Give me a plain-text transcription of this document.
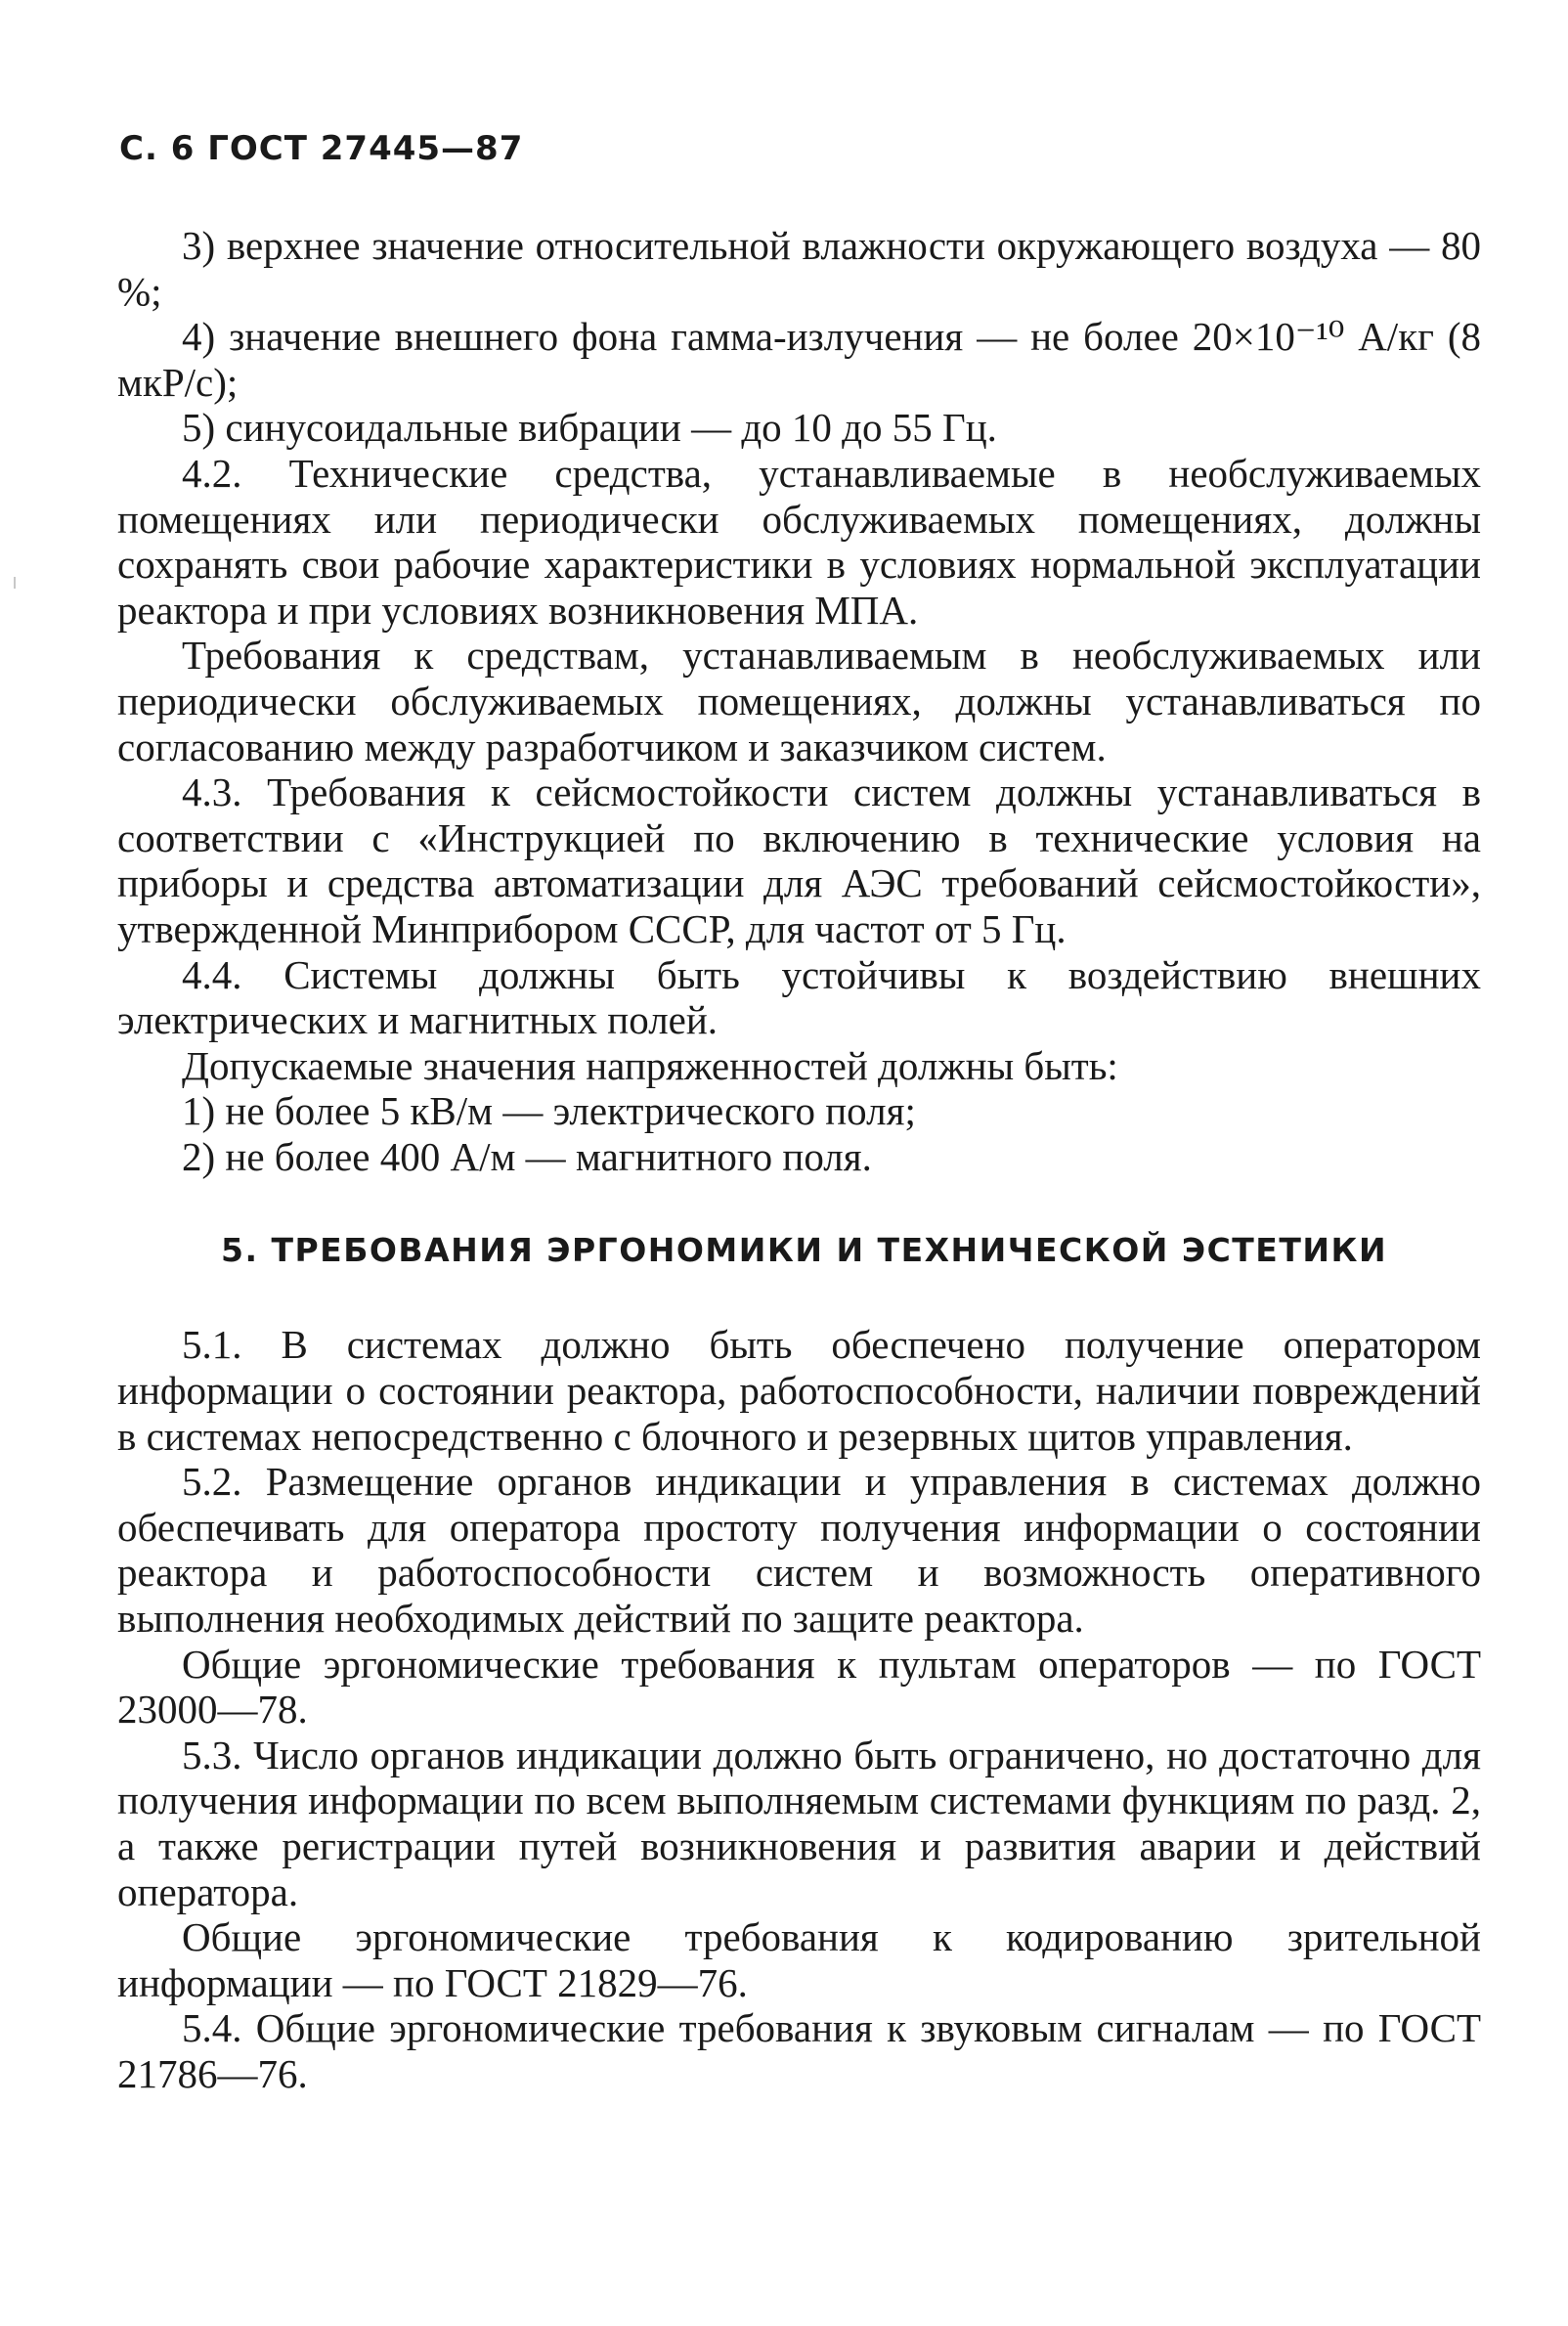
С. 6 ГОСТ 27445—87

3) верхнее значение относительной влажности окружающего воздуха — 80 %;

4) значение внешнего фона гамма-излучения — не более 20×10⁻¹⁰ А/кг (8 мкР/с);

5) синусоидальные вибрации — до 10 до 55 Гц.

4.2. Технические средства, устанавливаемые в необслуживаемых помещениях или периодически обслуживаемых помещениях, должны сохранять свои рабочие характеристики в условиях нормальной эксплуатации реактора и при условиях возникновения МПА.

Требования к средствам, устанавливаемым в необслуживаемых или периодически обслуживаемых помещениях, должны устанавливаться по согласованию между разработчиком и заказчиком систем.

4.3. Требования к сейсмостойкости систем должны устанавливаться в соответствии с «Инструкцией по включению в технические условия на приборы и средства автоматизации для АЭС требований сейсмостойкости», утвержденной Минприбором СССР, для частот от 5 Гц.

4.4. Системы должны быть устойчивы к воздействию внешних электрических и магнитных полей.

Допускаемые значения напряженностей должны быть:

1) не более 5 кВ/м — электрического поля;

2) не более 400 А/м — магнитного поля.

5. ТРЕБОВАНИЯ ЭРГОНОМИКИ И ТЕХНИЧЕСКОЙ ЭСТЕТИКИ

5.1. В системах должно быть обеспечено получение оператором информации о состоянии реактора, работоспособности, наличии повреждений в системах непосредственно с блочного и резервных щитов управления.

5.2. Размещение органов индикации и управления в системах должно обеспечивать для оператора простоту получения информации о состоянии реактора и работоспособности систем и возможность оперативного выполнения необходимых действий по защите реактора.

Общие эргономические требования к пультам операторов — по ГОСТ 23000—78.

5.3. Число органов индикации должно быть ограничено, но достаточно для получения информации по всем выполняемым системами функциям по разд. 2, а также регистрации путей возникновения и развития аварии и действий оператора.

Общие эргономические требования к кодированию зрительной информации — по ГОСТ 21829—76.

5.4. Общие эргономические требования к звуковым сигналам — по ГОСТ 21786—76.
